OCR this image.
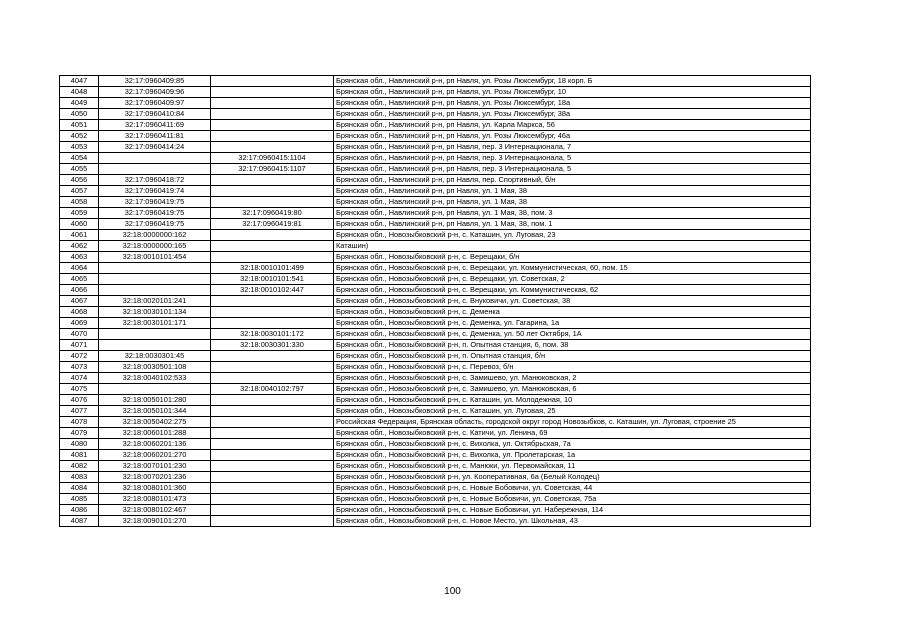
4047	32:17:0960409:85		Брянская обл., Навлинский р-н, рп Навля, ул. Розы Люксембург, 18 корп. Б
4048	32:17:0960409:96		Брянская обл., Навлинский р-н, рп Навля, ул. Розы Люксембург, 10
4049	32:17:0960409:97		Брянская обл., Навлинский р-н, рп Навля, ул. Розы Люксембург, 18а
4050	32:17:0960410:84		Брянская обл., Навлинский р-н, рп Навля, ул. Розы Люксембург, 38а
4051	32:17:0960411:69		Брянская обл., Навлинский р-н, рп Навля, ул. Карла Маркса, 56
4052	32:17:0960411:81		Брянская обл., Навлинский р-н, рп Навля, ул. Розы Люксембург, 46а
4053	32:17:0960414:24		Брянская обл., Навлинский р-н, рп Навля, пер. 3 Интернационала, 7
4054		32:17:0960415:1104	Брянская обл., Навлинский р-н, рп Навля, пер. 3 Интернационала, 5
4055		32:17:0960415:1107	Брянская обл., Навлинский р-н, рп Навля, пер. 3 Интернационала, 5
4056	32:17:0960418:72		Брянская обл., Навлинский р-н, рп Навля, пер. Спортивный, б/н
4057	32:17:0960419:74		Брянская обл., Навлинский р-н, рп Навля, ул. 1 Мая, 38
4058	32:17:0960419:75		Брянская обл., Навлинский р-н, рп Навля, ул. 1 Мая, 38
4059	32:17:0960419:75	32:17:0960419:80	Брянская обл., Навлинский р-н, рп Навля, ул. 1 Мая, 38, пом. 3
4060	32:17:0960419:75	32:17:0960419:81	Брянская обл., Навлинский р-н, рп Навля, ул. 1 Мая, 38, пом. 1
4061	32:18:0000000:162		Брянская обл., Новозыбковский р-н, с. Каташин, ул. Луговая, 23
4062	32:18:0000000:165		Каташин)
4063	32:18:0010101:454		Брянская обл., Новозыбковский р-н, с. Верещаки, б/н
4064		32:18:0010101:499	Брянская обл., Новозыбковский р-н, с. Верещаки, ул. Коммунистическая, 60, пом. 15
4065		32:18:0010101:541	Брянская обл., Новозыбковский р-н, с. Верещаки, ул. Советская, 2
4066		32:18:0010102:447	Брянская обл., Новозыбковский р-н, с. Верещаки, ул. Коммунистическая, 62
4067	32:18:0020101:241		Брянская обл., Новозыбковский р-н, с. Внуковичи, ул. Советская, 38
4068	32:18:0030101:134		Брянская обл., Новозыбковский р-н, с. Деменка
4069	32:18:0030101:171		Брянская обл., Новозыбковский р-н, с. Деменка, ул. Гагарина, 1а
4070		32:18:0030101:172	Брянская обл., Новозыбковский р-н, с. Деменка, ул. 50 лет Октября, 1А
4071		32:18:0030301:330	Брянская обл., Новозыбковский р-н, п. Опытная станция, 6, пом. 38
4072	32:18:0030301:45		Брянская обл., Новозыбковский р-н, п. Опытная станция, б/н
4073	32:18:0030501:108		Брянская обл., Новозыбковский р-н, с. Перевоз, б/н
4074	32:18:0040102:533		Брянская обл., Новозыбковский р-н, с. Замишево, ул. Манюковская, 2
4075		32:18:0040102:797	Брянская обл., Новозыбковский р-н, с. Замишево, ул. Манюковская, 6
4076	32:18:0050101:280		Брянская обл., Новозыбковский р-н, с. Каташин, ул. Молодежная, 10
4077	32:18:0050101:344		Брянская обл., Новозыбковский р-н, с. Каташин, ул. Луговая, 25
4078	32:18:0050402:275		Российская Федерация, Брянская область, городской округ город Новозыбков, с. Каташин, ул. Луговая, строение 25
4079	32:18:0060101:288		Брянская обл., Новозыбковский р-н, с. Катичи, ул. Ленина, 69
4080	32:18:0060201:136		Брянская обл., Новозыбковский р-н, с. Вихолка, ул. Октябрьская, 7а
4081	32:18:0060201:270		Брянская обл., Новозыбковский р-н, с. Вихолка, ул. Пролетарская, 1а
4082	32:18:0070101:230		Брянская обл., Новозыбковский р-н, с. Манюки, ул. Первомайская, 11
4083	32:18:0070201:236		Брянская обл., Новозыбковский р-н, ул. Кооперативная, 6а (Белый Колодец)
4084	32:18:0080101:360		Брянская обл., Новозыбковский р-н, с. Новые Бобовичи, ул. Советская, 44
4085	32:18:0080101:473		Брянская обл., Новозыбковский р-н, с. Новые Бобовичи, ул. Советская, 75а
4086	32:18:0080102:467		Брянская обл., Новозыбковский р-н, с. Новые Бобовичи, ул. Набережная, 114
4087	32:18:0090101:270		Брянская обл., Новозыбковский р-н, с. Новое Место, ул. Школьная, 43
100
